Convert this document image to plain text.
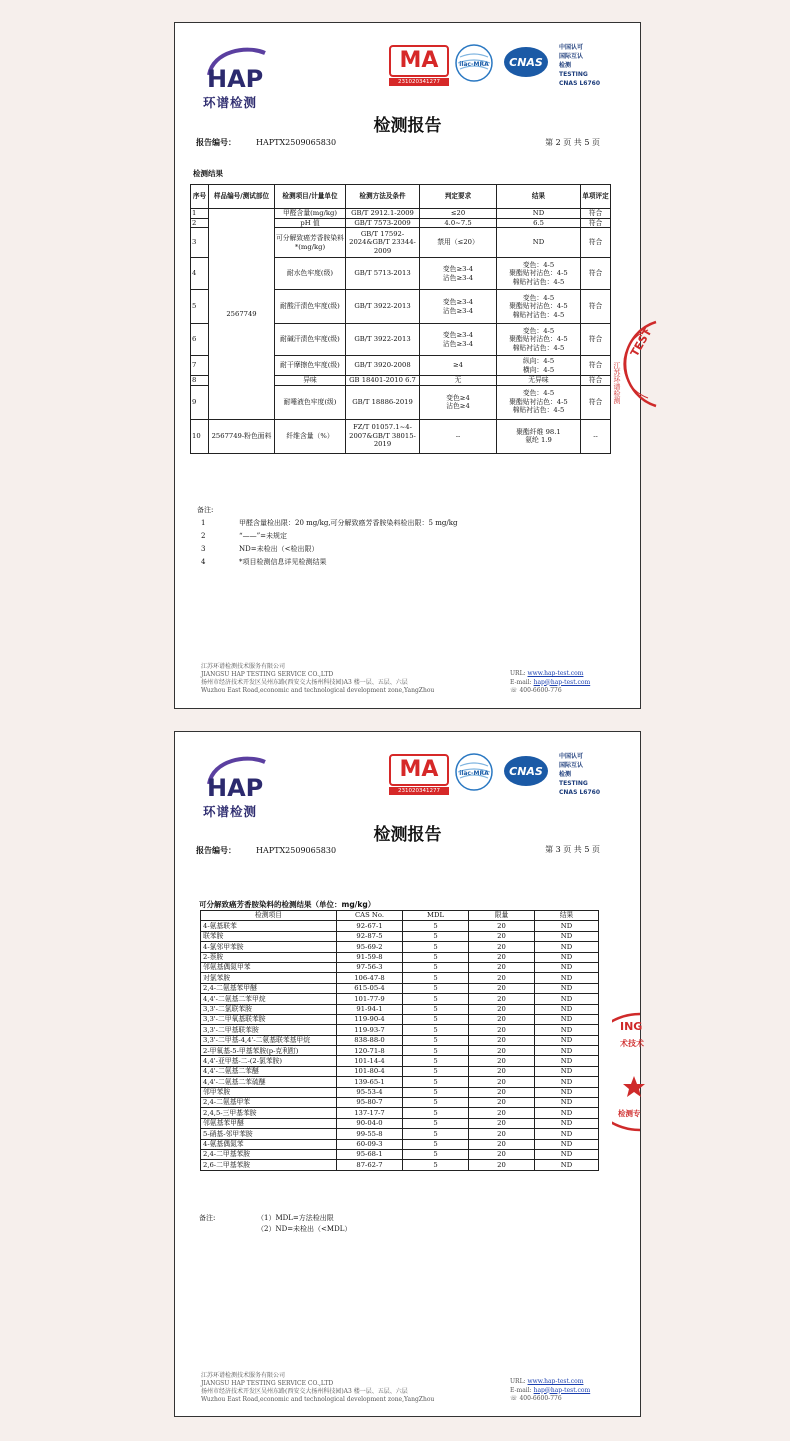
HAP
环谱检测
MA
231020341277
ilac-MRA CNAS
中国认可
国际互认
检测
TESTING
CNAS L6760
检测报告
报告编号：	HAPTX2509065830	第 2 页 共 5 页
检测结果
序号	样品编号/测试部位	检测项目/计量单位	检测方法及条件	判定要求	结果	单项评定
1	2567749	甲醛含量(mg/kg)	GB/T 2912.1-2009	≤20	ND	符合
2		pH 值	GB/T 7573-2009	4.0~7.5	6.5	符合
3		可分解致癌芳香胺染料*(mg/kg)	GB/T 17592-2024&GB/T 23344-2009	禁用（≤20）	ND	符合
4		耐水色牢度(级)	GB/T 5713-2013	变色≥3-4
沾色≥3-4	变色：4-5
聚酯贴衬沾色：4-5
棉贴衬沾色：4-5	符合
5		耐酸汗渍色牢度(级)	GB/T 3922-2013	变色≥3-4
沾色≥3-4	变色：4-5
聚酯贴衬沾色：4-5
棉贴衬沾色：4-5	符合
6		耐碱汗渍色牢度(级)	GB/T 3922-2013	变色≥3-4
沾色≥3-4	变色：4-5
聚酯贴衬沾色：4-5
棉贴衬沾色：4-5	符合
7		耐干摩擦色牢度(级)	GB/T 3920-2008	≥4	纵向：4-5
横向：4-5	符合
8		异味	GB 18401-2010 6.7	无	无异味	符合
9		耐唾液色牢度(级)	GB/T 18886-2019	变色≥4
沾色≥4	变色：4-5
聚酯贴衬沾色：4-5
棉贴衬沾色：4-5	符合
10	2567749-粉色面料	纤维含量（%）	FZ/T 01057.1~4-2007&GB/T 38015-2019	--	聚酯纤维 98.1
氨纶 1.9	--
备注:
1	甲醛含量检出限：20 mg/kg,可分解致癌芳香胺染料检出限：5 mg/kg
2	“——”=未规定
3	ND=未检出（<检出限）
4	*项目检测信息详见检测结果
江苏环谱检测技术服务有限公司
JIANGSU HAP TESTING SERVICE CO.,LTD
扬州市经济技术开发区吴州东路(西安交大扬州科技园)A3 楼一层、五层、六层
Wuzhou East Road,economic and technological development zone,YangZhou
URL: www.hap-test.com
E-mail: hap@hap-test.com
☏ 400-6600-776
TEST
江苏环谱检测
HAP
环谱检测
MA
231020341277
ilac-MRA CNAS
中国认可
国际互认
检测
TESTING
CNAS L6760
检测报告
报告编号：	HAPTX2509065830	第 3 页 共 5 页
可分解致癌芳香胺染料的检测结果（单位：mg/kg）
检测项目	CAS No.	MDL	限量	结果
4-氨基联苯	92-67-1	5	20	ND
联苯胺	92-87-5	5	20	ND
4-氯邻甲苯胺	95-69-2	5	20	ND
2-萘胺	91-59-8	5	20	ND
邻氨基偶氮甲苯	97-56-3	5	20	ND
对氯苯胺	106-47-8	5	20	ND
2,4-二氨基苯甲醚	615-05-4	5	20	ND
4,4'-二氨基二苯甲烷	101-77-9	5	20	ND
3,3'-二氯联苯胺	91-94-1	5	20	ND
3,3'-二甲氧基联苯胺	119-90-4	5	20	ND
3,3'-二甲基联苯胺	119-93-7	5	20	ND
3,3'-二甲基-4,4'-二氨基联苯基甲烷	838-88-0	5	20	ND
2-甲氧基-5-甲基苯胺(p-克利酊)	120-71-8	5	20	ND
4,4'-亚甲基-二-(2-氯苯胺)	101-14-4	5	20	ND
4,4'-二氨基二苯醚	101-80-4	5	20	ND
4,4'-二氨基二苯硫醚	139-65-1	5	20	ND
邻甲苯胺	95-53-4	5	20	ND
2,4-二氨基甲苯	95-80-7	5	20	ND
2,4,5-三甲基苯胺	137-17-7	5	20	ND
邻氨基苯甲醚	90-04-0	5	20	ND
5-硝基-邻甲苯胺	99-55-8	5	20	ND
4-氨基偶氮苯	60-09-3	5	20	ND
2,4-二甲基苯胺	95-68-1	5	20	ND
2,6-二甲基苯胺	87-62-7	5	20	ND
备注:	（1）MDL=方法检出限
（2）ND=未检出（<MDL）
江苏环谱检测技术服务有限公司
JIANGSU HAP TESTING SERVICE CO.,LTD
扬州市经济技术开发区吴州东路(西安交大扬州科技园)A3 楼一层、五层、六层
Wuzhou East Road,economic and technological development zone,YangZhou
URL: www.hap-test.com
E-mail: hap@hap-test.com
☏ 400-6600-776
ING
术技术
检测专
